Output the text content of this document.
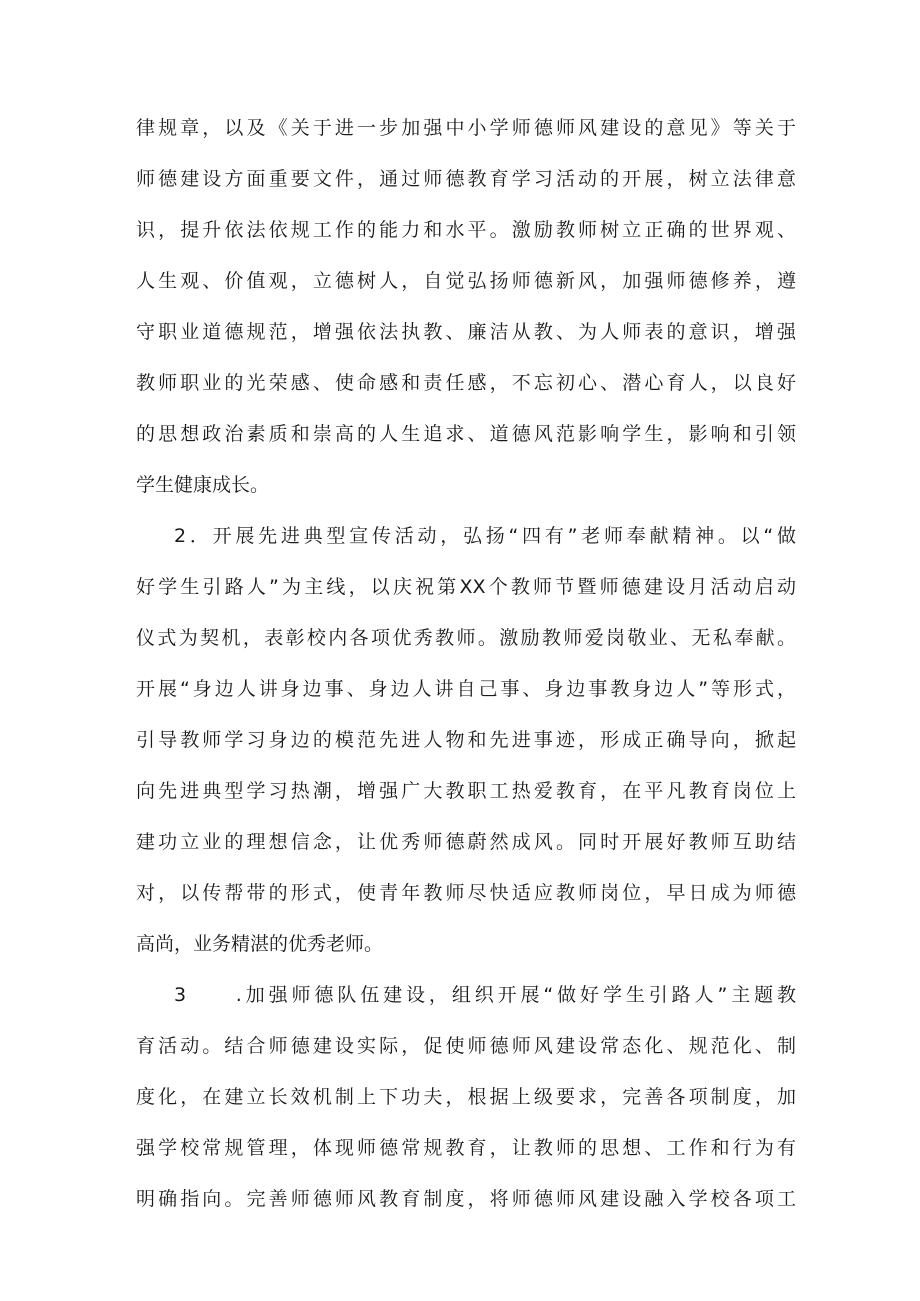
律规章，以及《关于进一步加强中小学师德师风建设的意见》等关于
师德建设方面重要文件，通过师德教育学习活动的开展，树立法律意
识，提升依法依规工作的能力和水平。激励教师树立正确的世界观、
人生观、价值观，立德树人，自觉弘扬师德新风，加强师德修养，遵
守职业道德规范，增强依法执教、廉洁从教、为人师表的意识，增强
教师职业的光荣感、使命感和责任感，不忘初心、潜心育人，以良好
的思想政治素质和崇高的人生追求、道德风范影响学生，影响和引领
学生健康成长。
2．开展先进典型宣传活动，弘扬“四有”老师奉献精神。以“做
好学生引路人”为主线，以庆祝第XX个教师节暨师德建设月活动启动
仪式为契机，表彰校内各项优秀教师。激励教师爱岗敬业、无私奉献。
开展“身边人讲身边事、身边人讲自己事、身边事教身边人”等形式，
引导教师学习身边的模范先进人物和先进事迹，形成正确导向，掀起
向先进典型学习热潮，增强广大教职工热爱教育，在平凡教育岗位上
建功立业的理想信念，让优秀师德蔚然成风。同时开展好教师互助结
对，以传帮带的形式，使青年教师尽快适应教师岗位，早日成为师德
高尚，业务精湛的优秀老师。
3　　.加强师德队伍建设，组织开展“做好学生引路人”主题教
育活动。结合师德建设实际，促使师德师风建设常态化、规范化、制
度化，在建立长效机制上下功夫，根据上级要求，完善各项制度，加
强学校常规管理，体现师德常规教育，让教师的思想、工作和行为有
明确指向。完善师德师风教育制度，将师德师风建设融入学校各项工
